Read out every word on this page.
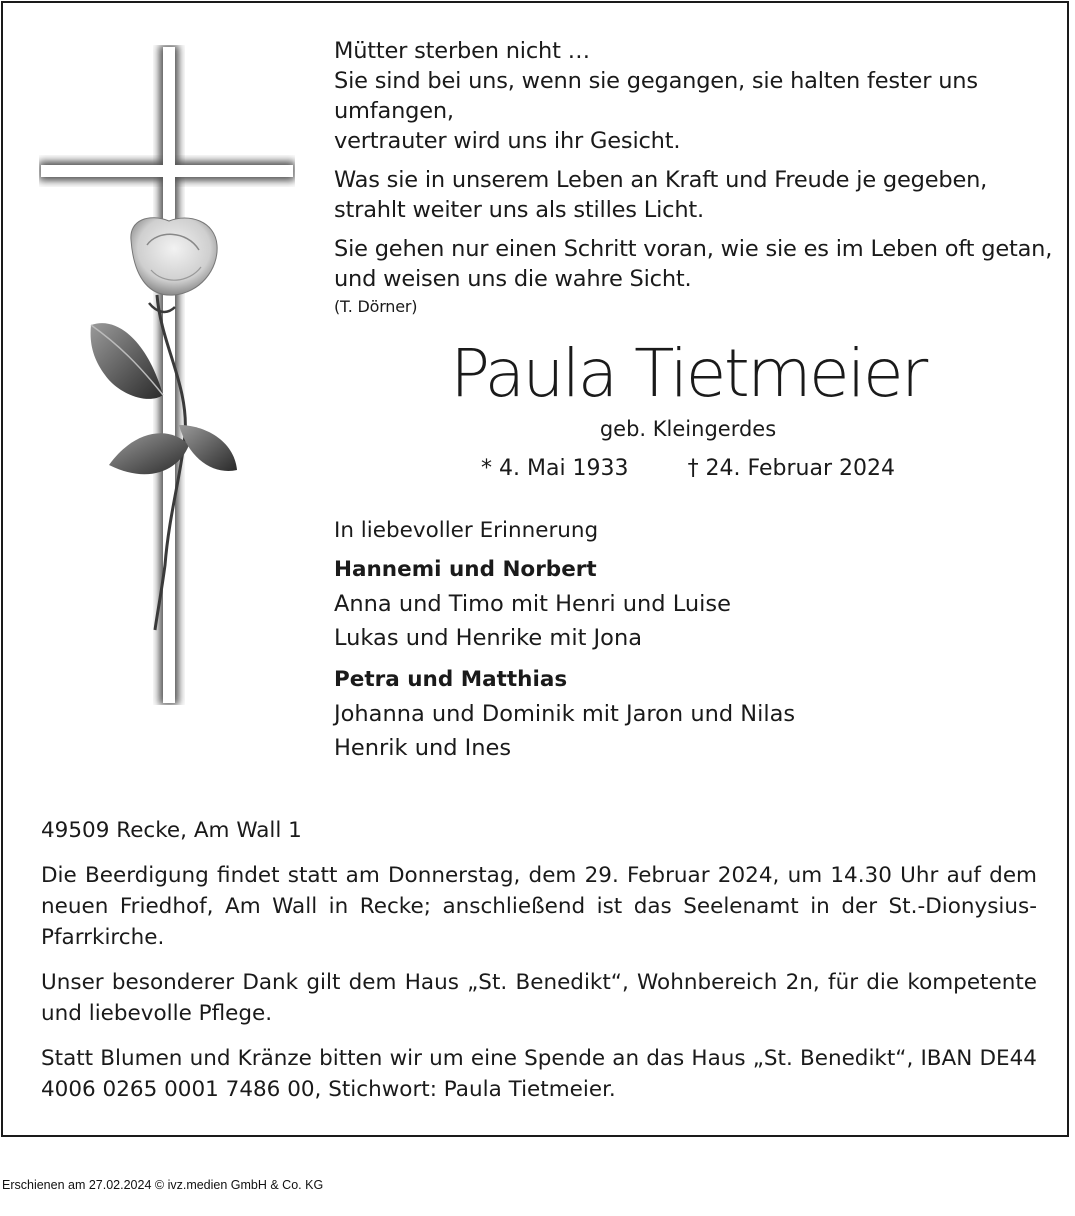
Mütter sterben nicht …
Sie sind bei uns, wenn sie gegangen, sie halten fester uns umfangen,
vertrauter wird uns ihr Gesicht.

Was sie in unserem Leben an Kraft und Freude je gegeben,
strahlt weiter uns als stilles Licht.

Sie gehen nur einen Schritt voran, wie sie es im Leben oft getan,
und weisen uns die wahre Sicht.

(T. Dörner)

Paula Tietmeier
geb. Kleingerdes
* 4. Mai 1933	† 24. Februar 2024
In liebevoller Erinnerung
Hannemi und Norbert
Anna und Timo mit Henri und Luise
Lukas und Henrike mit Jona
Petra und Matthias
Johanna und Dominik mit Jaron und Nilas
Henrik und Ines

49509 Recke, Am Wall 1

Die Beerdigung findet statt am Donnerstag, dem 29. Februar 2024, um 14.30 Uhr auf dem neuen Friedhof, Am Wall in Recke; anschließend ist das Seelenamt in der St.-Dionysius-Pfarrkirche.

Unser besonderer Dank gilt dem Haus „St. Benedikt“, Wohnbereich 2n, für die kompetente und liebevolle Pflege.

Statt Blumen und Kränze bitten wir um eine Spende an das Haus „St. Benedikt“, IBAN DE44 4006 0265 0001 7486 00, Stichwort: Paula Tietmeier.

Erschienen am 27.02.2024 © ivz.medien GmbH & Co. KG
